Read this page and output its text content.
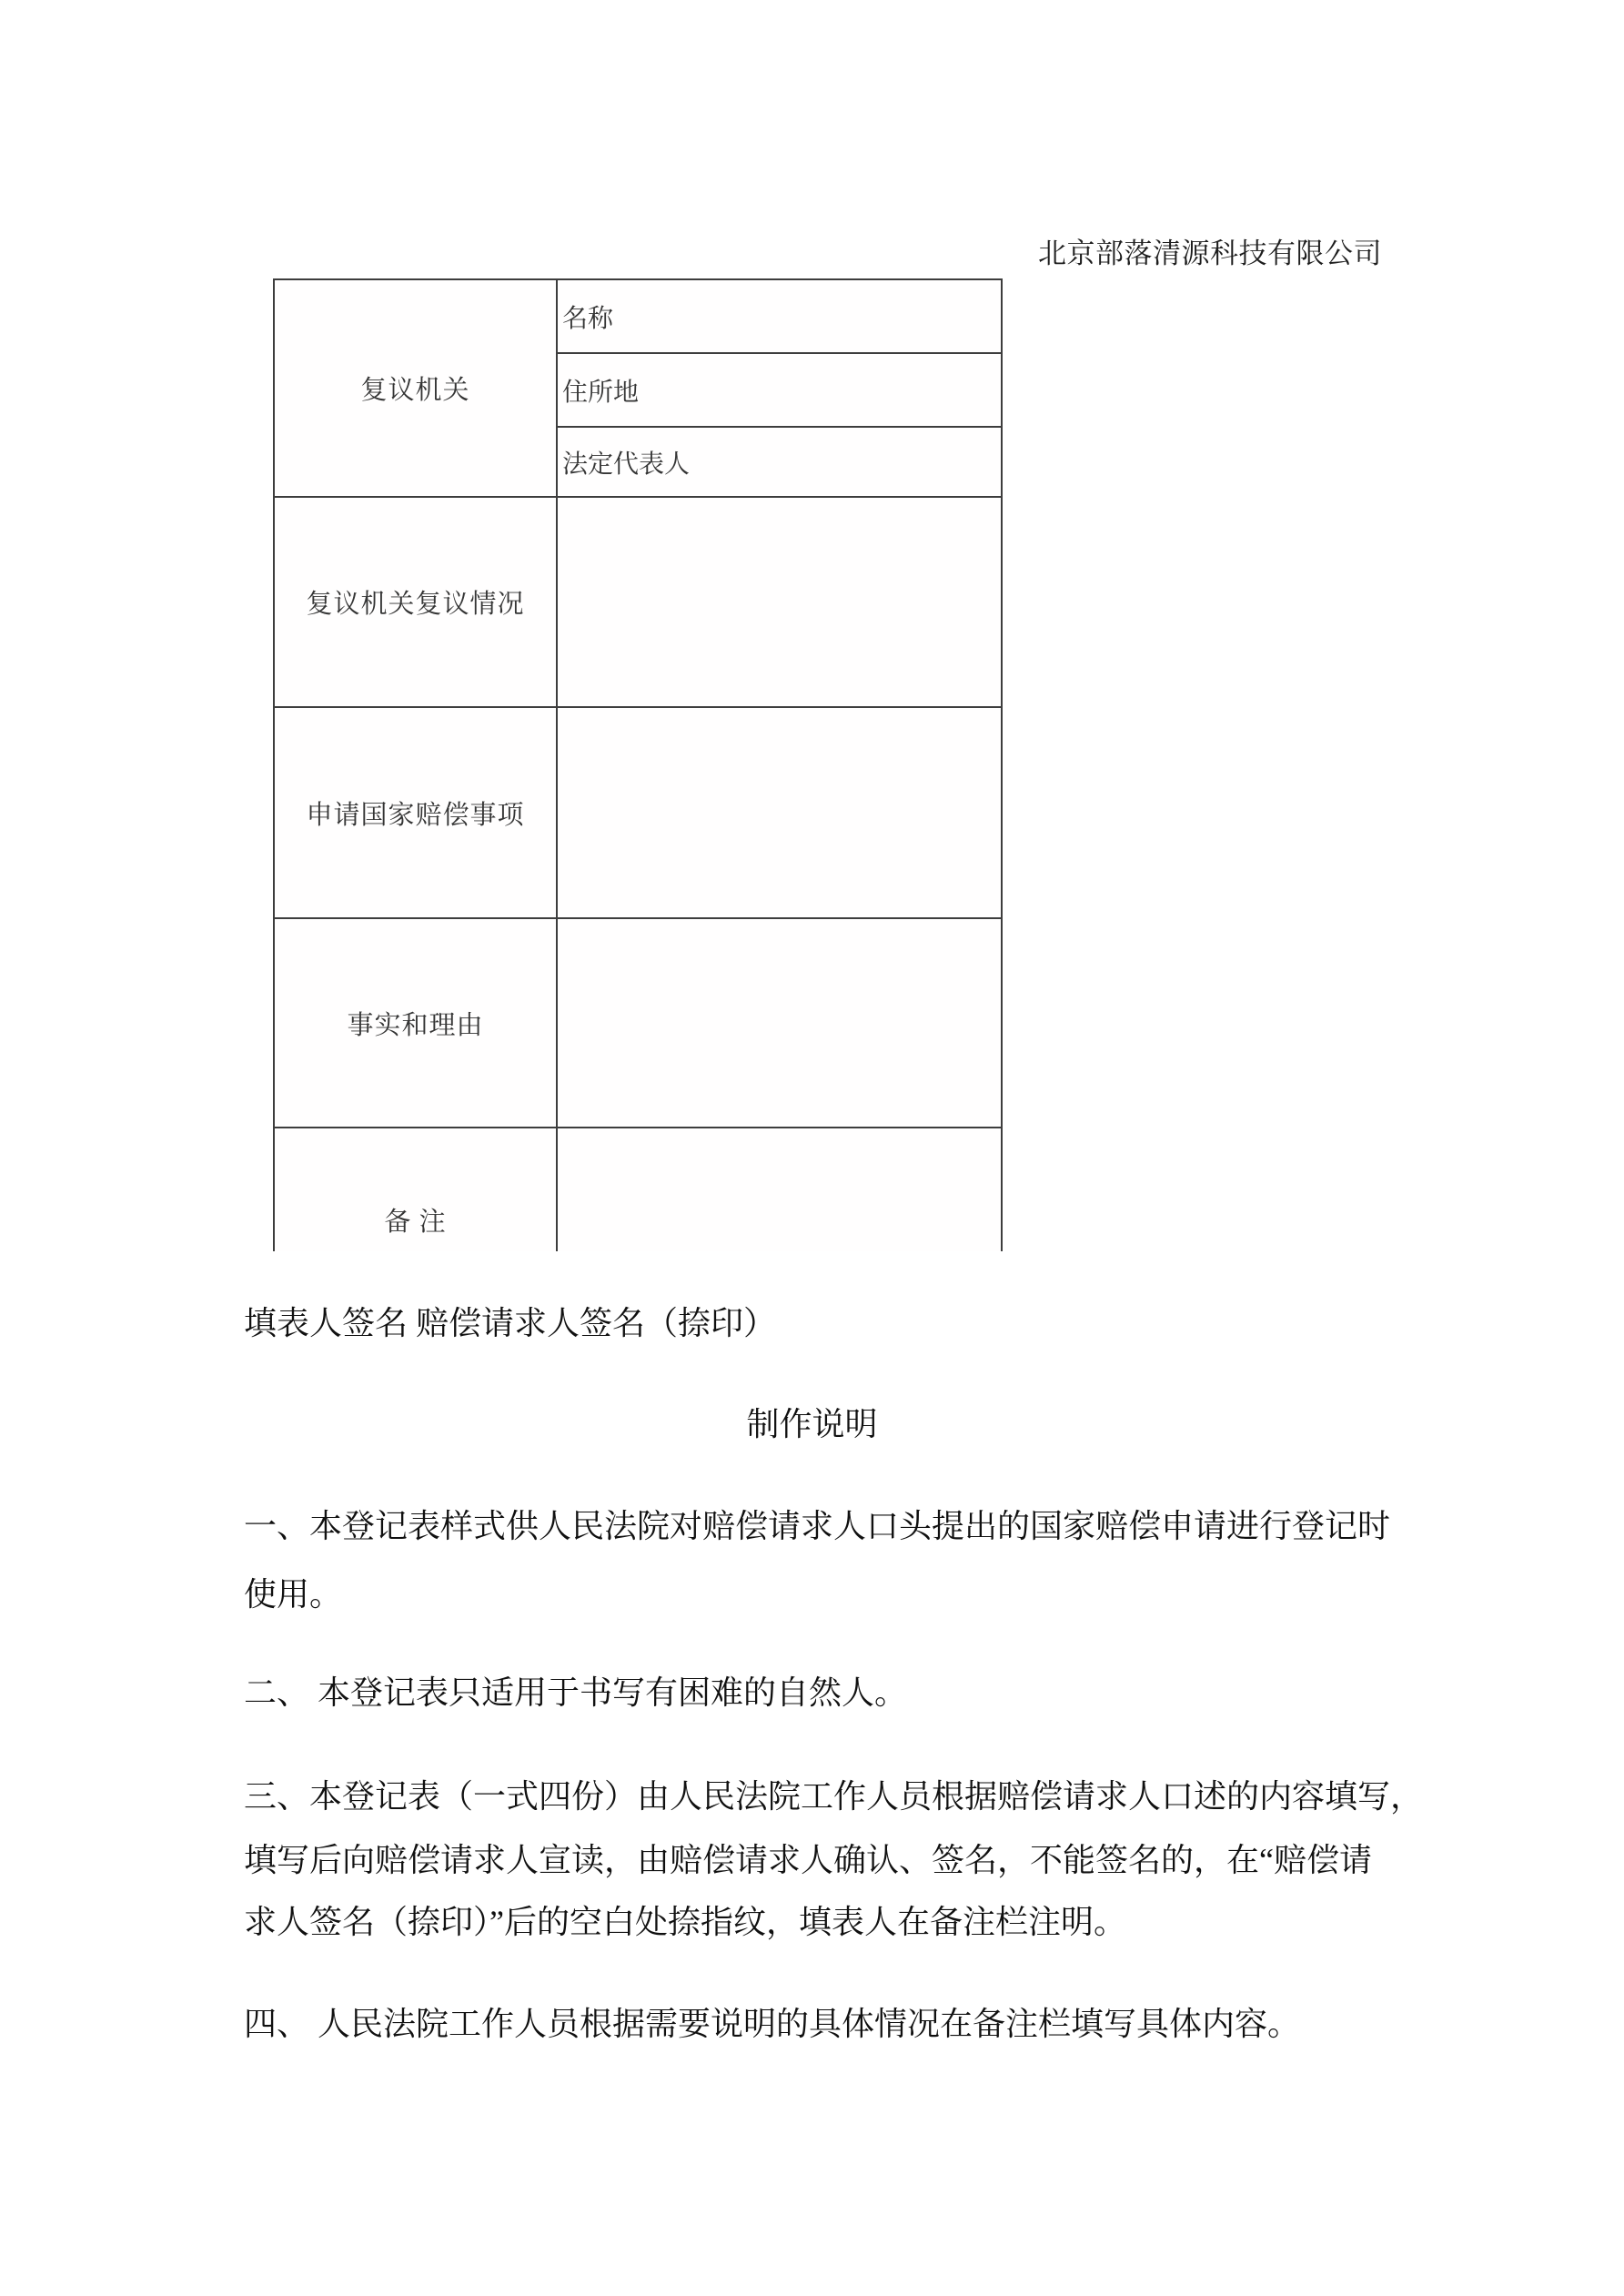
北京部落清源科技有限公司
复议机关
名称
住所地
法定代表人
复议机关复议情况
申请国家赔偿事项
事实和理由
备 注
填表人签名 赔偿请求人签名（捺印）
制作说明
一、本登记表样式供人民法院对赔偿请求人口头提出的国家赔偿申请进行登记时
使用。
二、 本登记表只适用于书写有困难的自然人。
三、本登记表（一式四份）由人民法院工作人员根据赔偿请求人口述的内容填写，
填写后向赔偿请求人宣读，由赔偿请求人确认、签名，不能签名的，在“赔偿请
求人签名（捺印）”后的空白处捺指纹，填表人在备注栏注明。
四、 人民法院工作人员根据需要说明的具体情况在备注栏填写具体内容。
